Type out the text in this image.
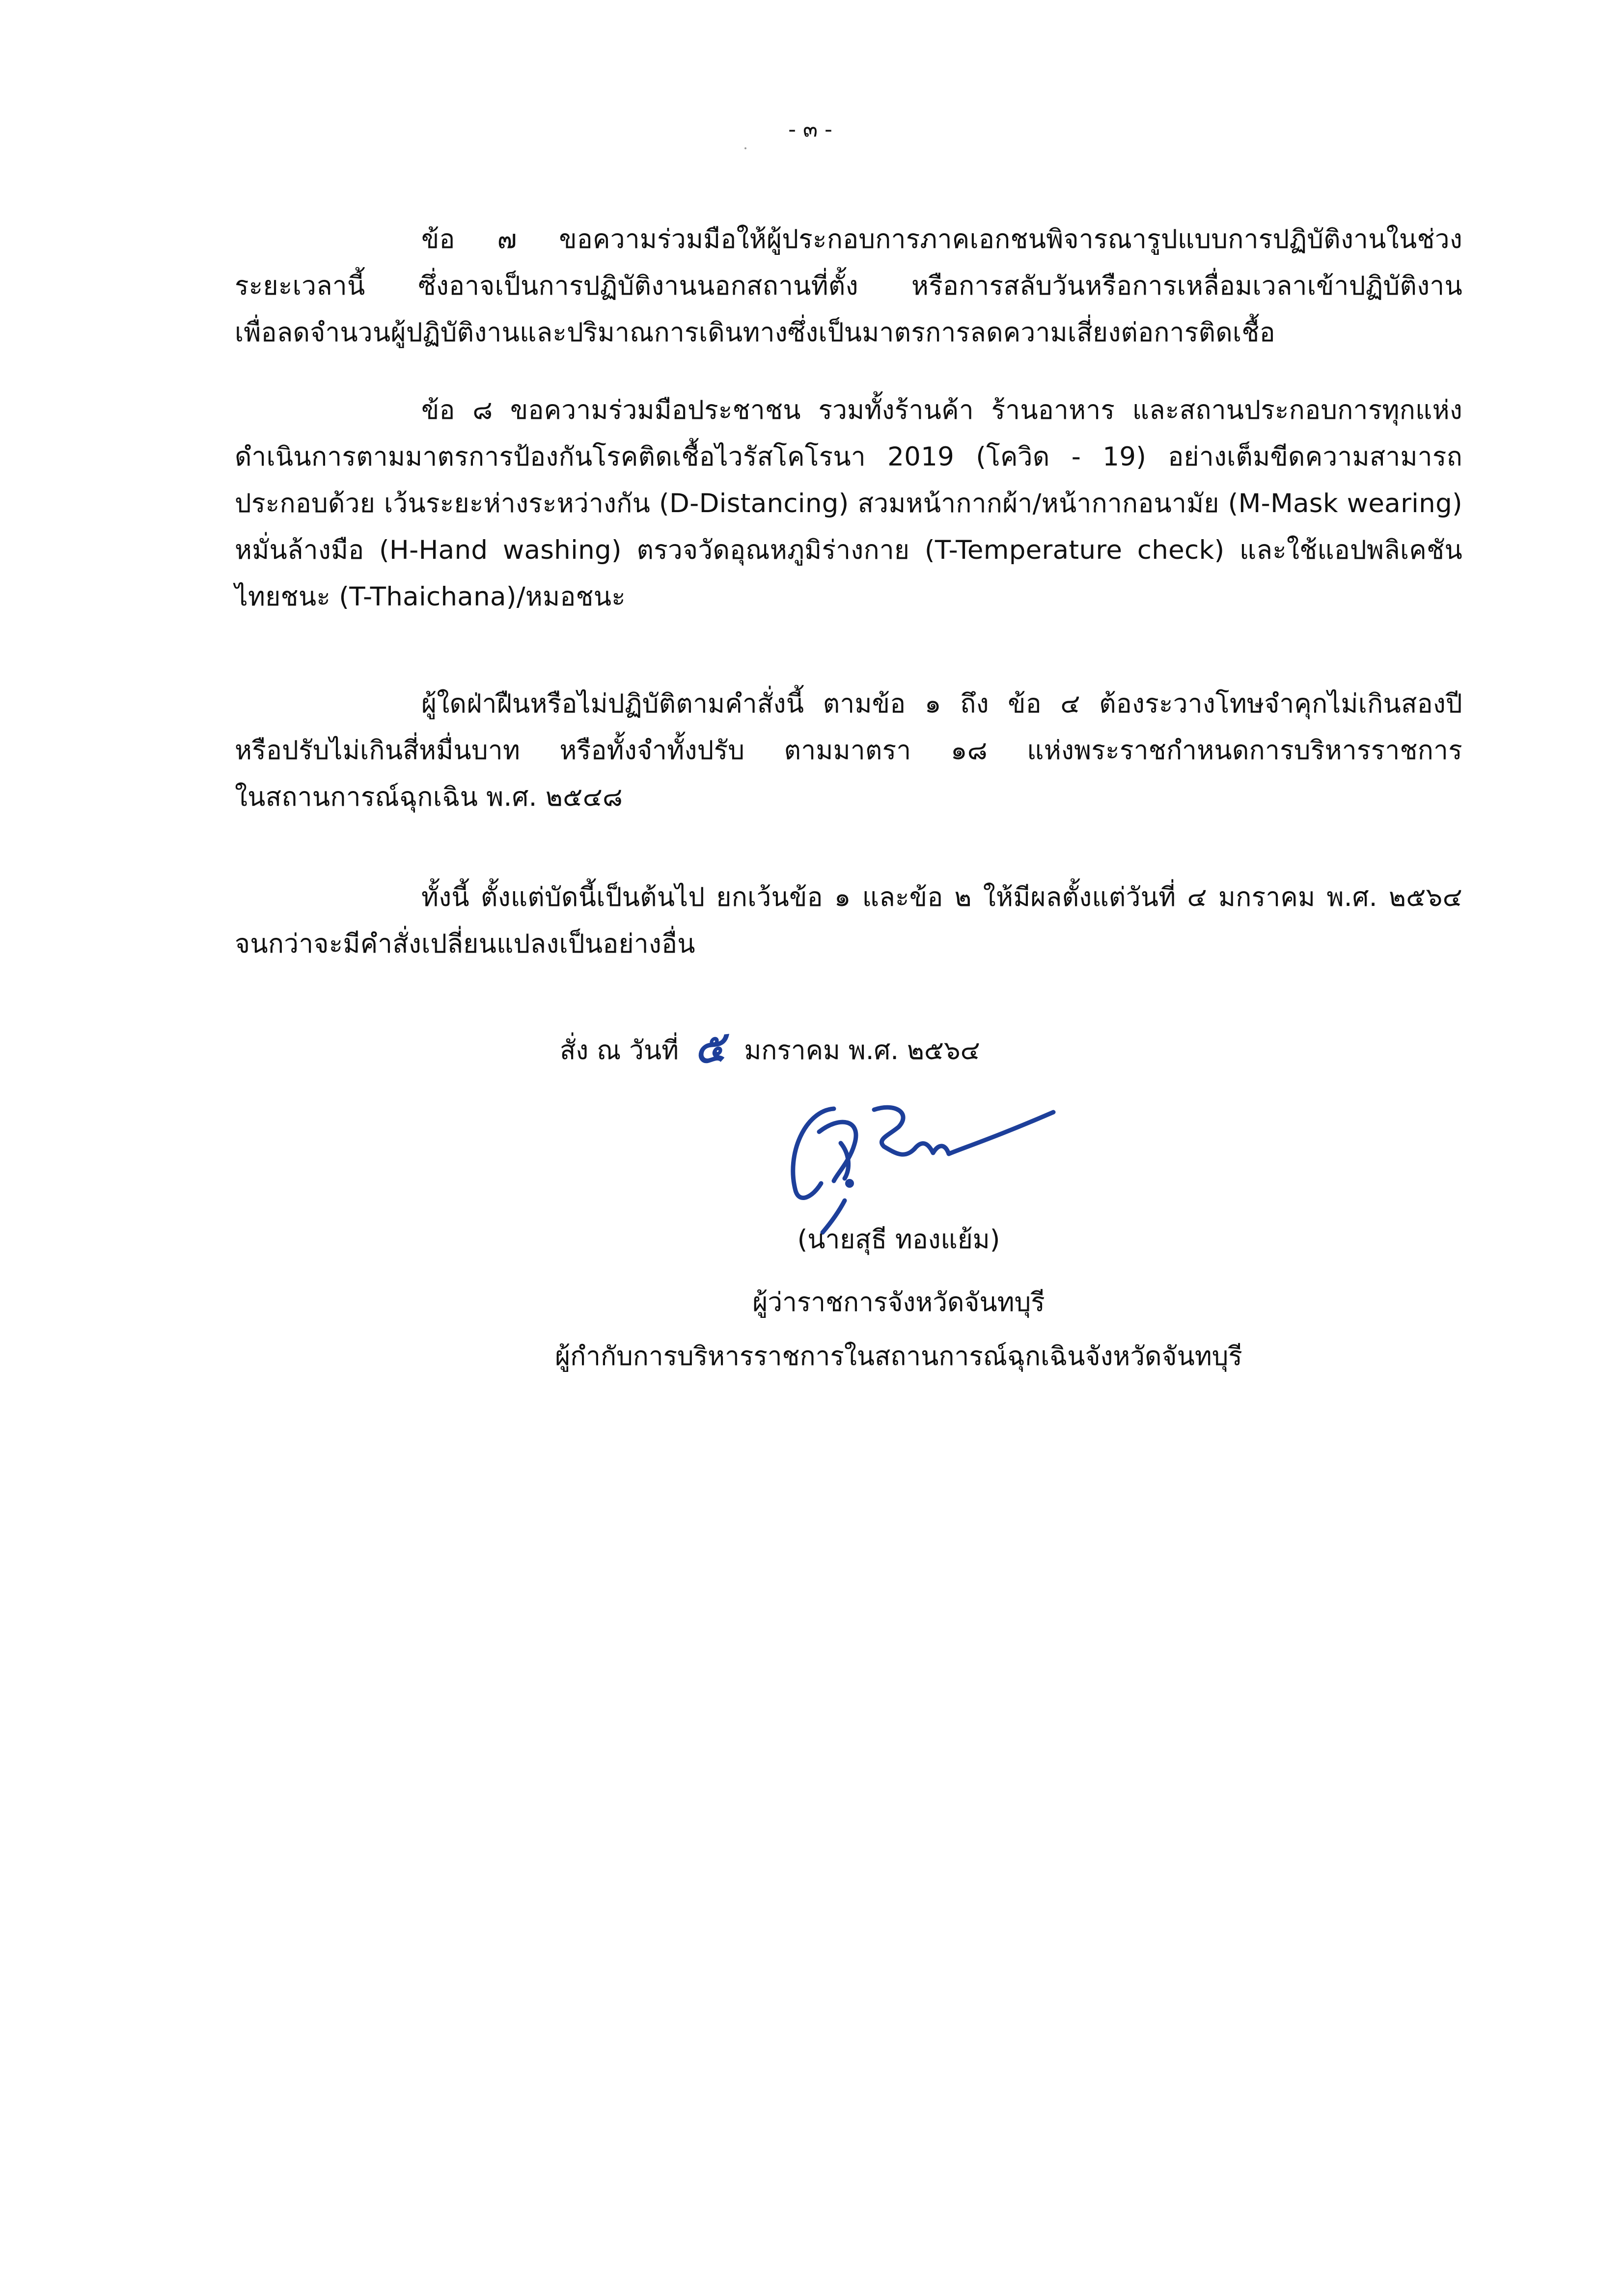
- ๓ -
ข้อ ๗ ขอความร่วมมือให้ผู้ประกอบการภาคเอกชนพิจารณารูปแบบการปฏิบัติงานในช่วง
ระยะเวลานี้ ซึ่งอาจเป็นการปฏิบัติงานนอกสถานที่ตั้ง หรือการสลับวันหรือการเหลื่อมเวลาเข้าปฏิบัติงาน
เพื่อลดจำนวนผู้ปฏิบัติงานและปริมาณการเดินทางซึ่งเป็นมาตรการลดความเสี่ยงต่อการติดเชื้อ
ข้อ ๘ ขอความร่วมมือประชาชน รวมทั้งร้านค้า ร้านอาหาร และสถานประกอบการทุกแห่ง
ดำเนินการตามมาตรการป้องกันโรคติดเชื้อไวรัสโคโรนา 2019 (โควิด - 19) อย่างเต็มขีดความสามารถ
ประกอบด้วย เว้นระยะห่างระหว่างกัน (D-Distancing) สวมหน้ากากผ้า/หน้ากากอนามัย (M-Mask wearing)
หมั่นล้างมือ (H-Hand washing) ตรวจวัดอุณหภูมิร่างกาย (T-Temperature check) และใช้แอปพลิเคชัน
ไทยชนะ (T-Thaichana)/หมอชนะ
ผู้ใดฝ่าฝืนหรือไม่ปฏิบัติตามคำสั่งนี้ ตามข้อ ๑ ถึง ข้อ ๔ ต้องระวางโทษจำคุกไม่เกินสองปี
หรือปรับไม่เกินสี่หมื่นบาท หรือทั้งจำทั้งปรับ ตามมาตรา ๑๘ แห่งพระราชกำหนดการบริหารราชการ
ในสถานการณ์ฉุกเฉิน พ.ศ. ๒๕๔๘
ทั้งนี้ ตั้งแต่บัดนี้เป็นต้นไป ยกเว้นข้อ ๑ และข้อ ๒ ให้มีผลตั้งแต่วันที่ ๔ มกราคม พ.ศ. ๒๕๖๔
จนกว่าจะมีคำสั่งเปลี่ยนแปลงเป็นอย่างอื่น
สั่ง ณ วันที่ ๕ มกราคม พ.ศ. ๒๕๖๔
(นายสุธี ทองแย้ม)
ผู้ว่าราชการจังหวัดจันทบุรี
ผู้กำกับการบริหารราชการในสถานการณ์ฉุกเฉินจังหวัดจันทบุรี
